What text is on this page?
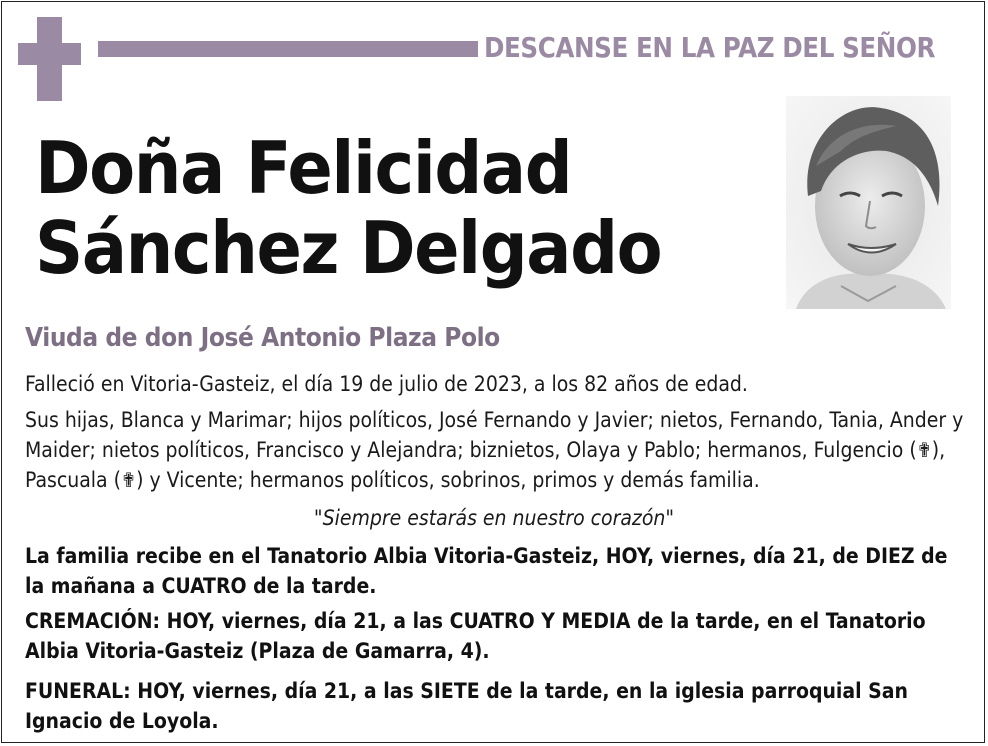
DESCANSE EN LA PAZ DEL SEÑOR
Doña Felicidad
Sánchez Delgado
Viuda de don José Antonio Plaza Polo
Falleció en Vitoria-Gasteiz, el día 19 de julio de 2023, a los 82 años de edad.
Sus hijas, Blanca y Marimar; hijos políticos, José Fernando y Javier; nietos, Fernando, Tania, Ander y Maider; nietos políticos, Francisco y Alejandra; biznietos, Olaya y Pablo; hermanos, Fulgencio (✟), Pascuala (✟) y Vicente; hermanos políticos, sobrinos, primos y demás familia.
"Siempre estarás en nuestro corazón"
La familia recibe en el Tanatorio Albia Vitoria-Gasteiz, HOY, viernes, día 21, de DIEZ de la mañana a CUATRO de la tarde.
CREMACIÓN: HOY, viernes, día 21, a las CUATRO Y MEDIA de la tarde, en el Tanatorio Albia Vitoria-Gasteiz (Plaza de Gamarra, 4).
FUNERAL: HOY, viernes, día 21, a las SIETE de la tarde, en la iglesia parroquial San Ignacio de Loyola.
